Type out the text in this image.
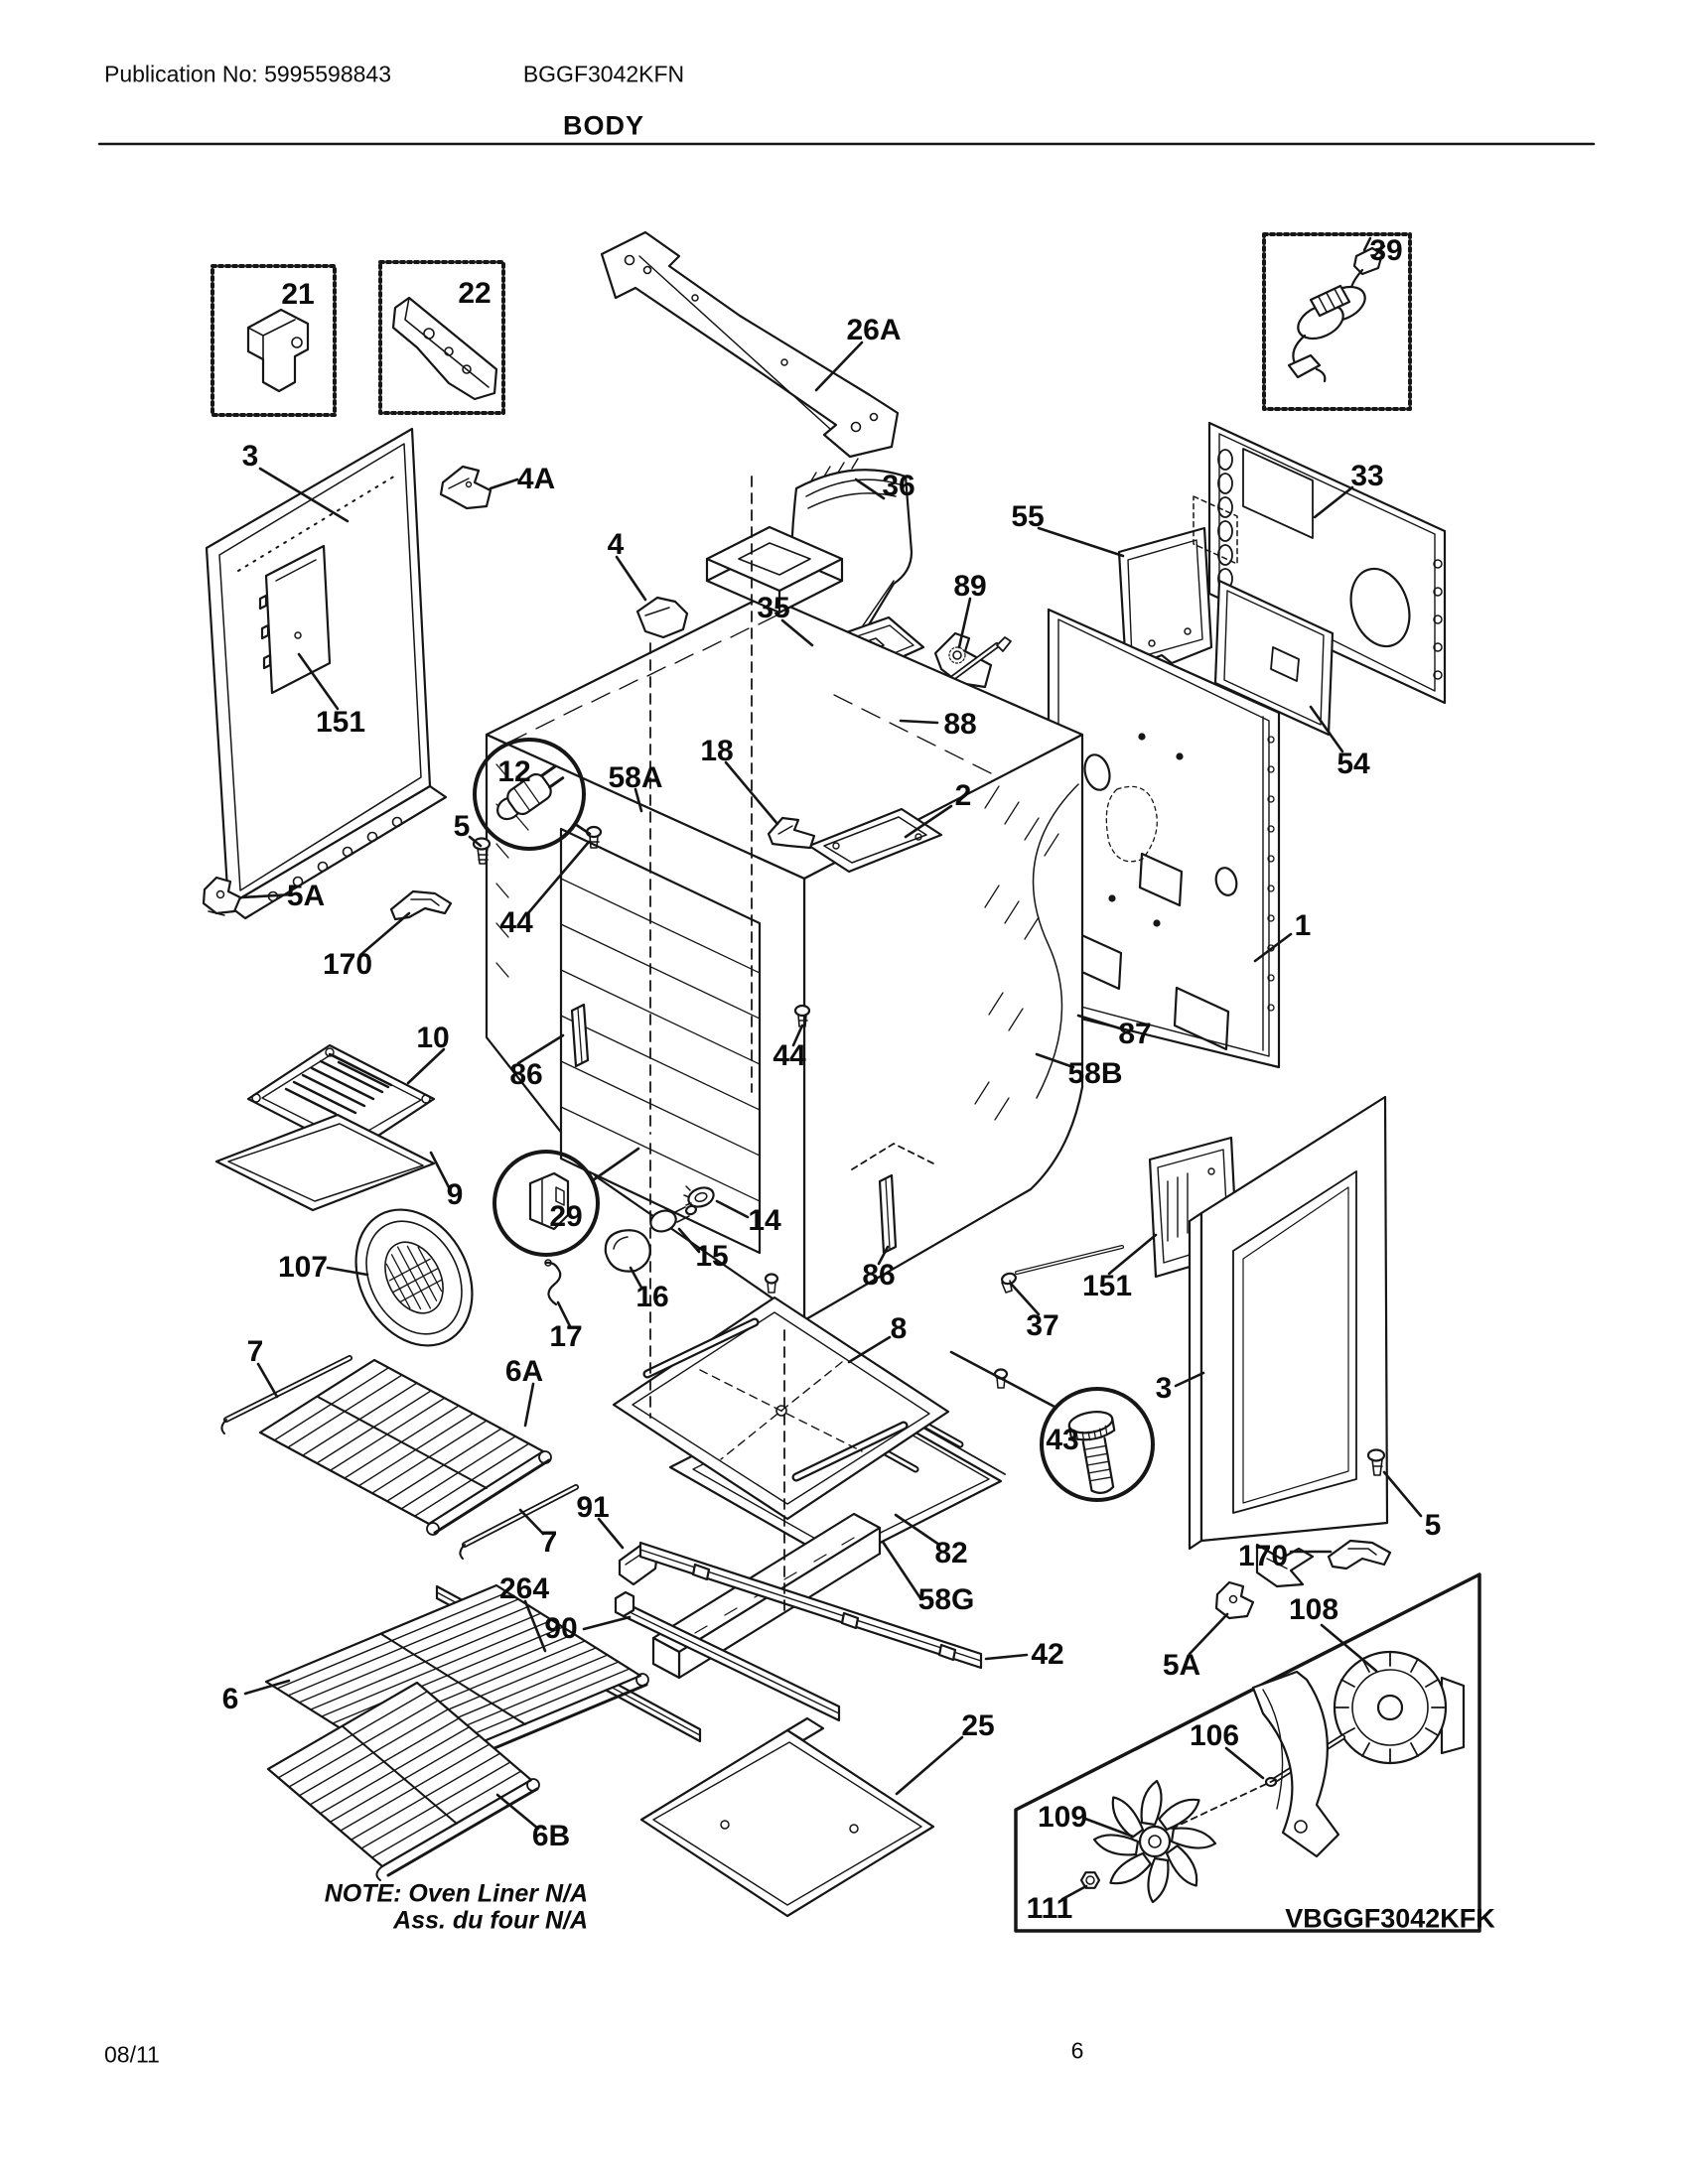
Publication No: 5995598843	BGGF3042KFN
BODY
NOTE: Oven Liner N/A
Ass. du four N/A	VBGGF3042KFK
08/11	6
21	22
26A
39
3
151
4A
4
36
55
35
89
88
33
54
1
12
5
5A
170
44
58A
18
2
87
58B
10
9
107
86
86
29
44
14
15
16
17	37
151
8
43
3
7
6A
7
91
264
90
58G
6
82
42
25
6B
170
5
5A
108
106
109
111
